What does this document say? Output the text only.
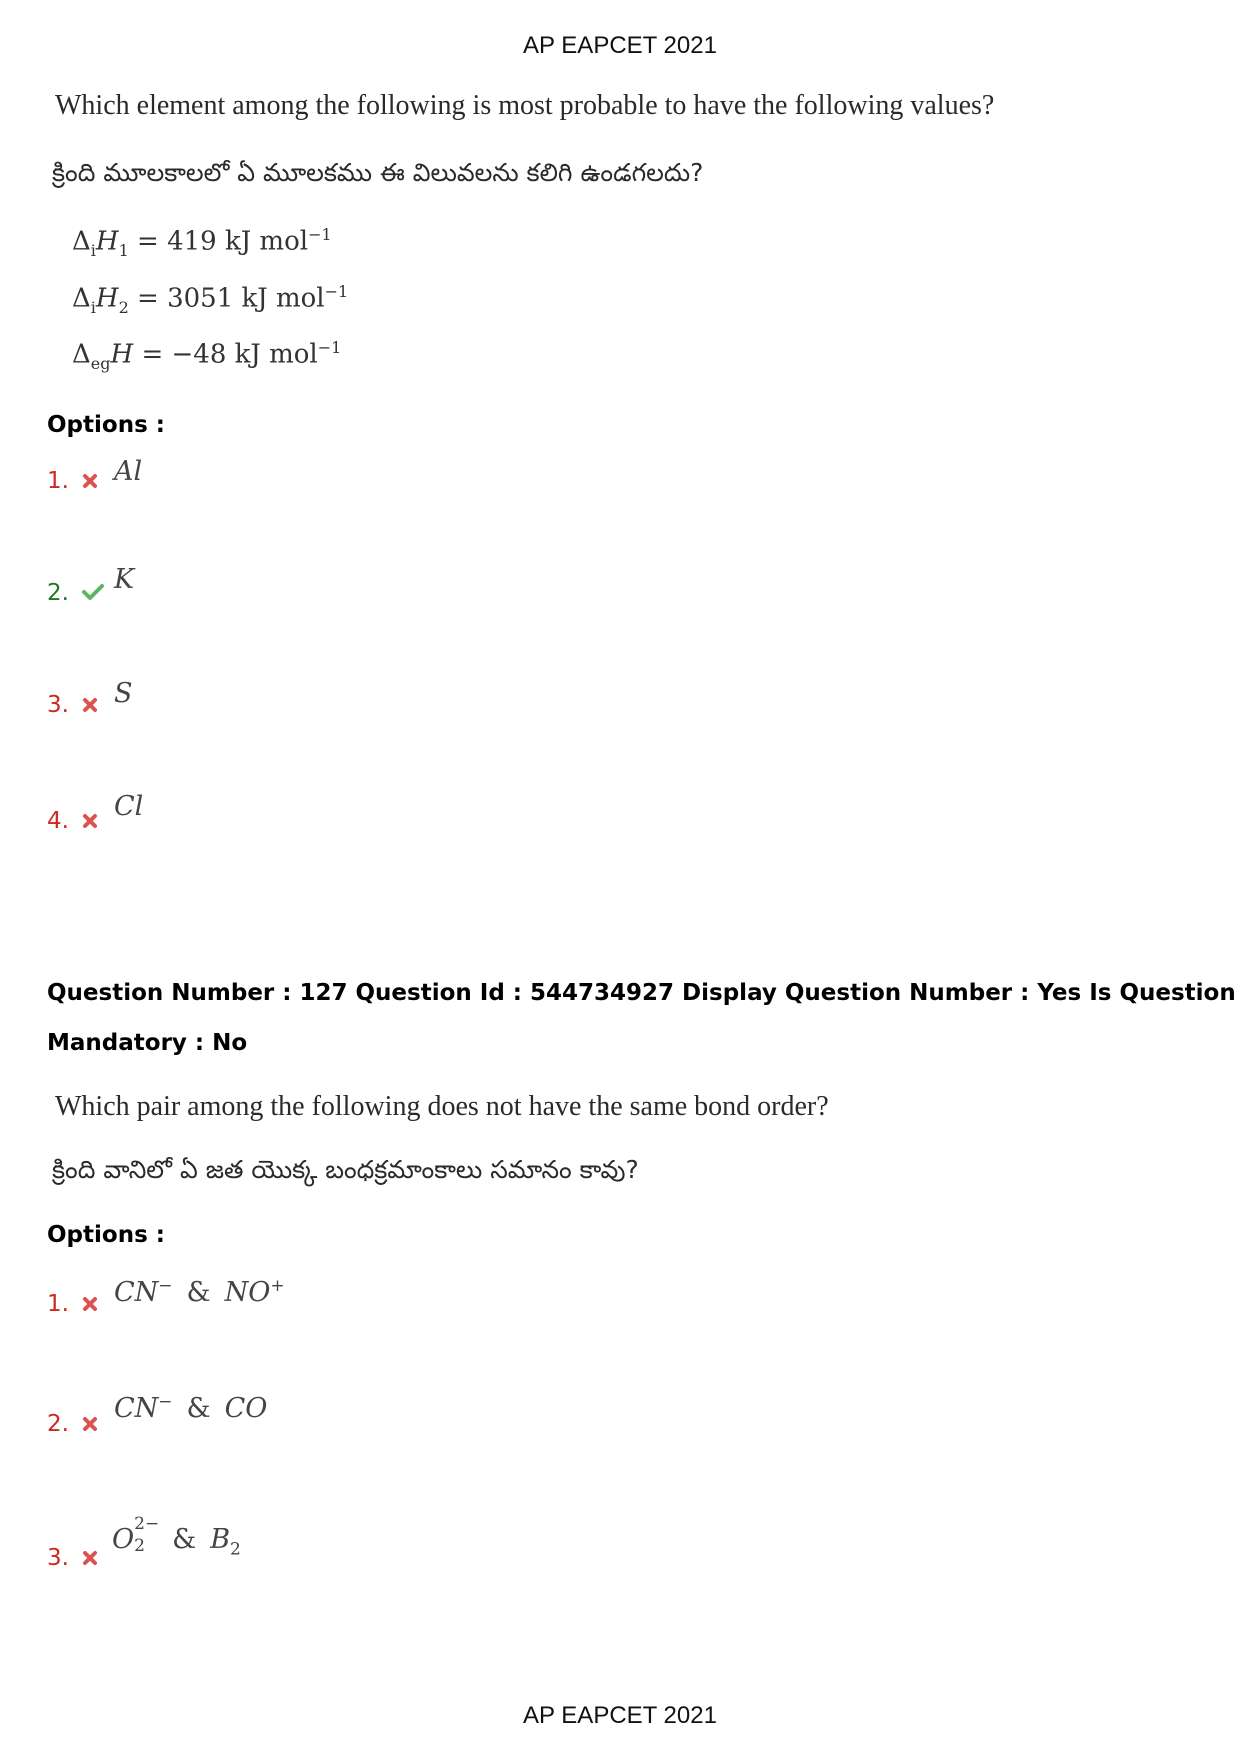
AP EAPCET 2021
Which element among the following is most probable to have the following values?
క్రింది మూలకాలలో ఏ మూలకము ఈ విలువలను కలిగి ఉండగలదు?
$\Delta_iH_1 = 419$ kJ mol$^{-1}$
$\Delta_iH_2 = 3051$ kJ mol$^{-1}$
$\Delta_{eg}H = -48$ kJ mol$^{-1}$
Options :
1.	Al
2.	K
3.	S
4.	Cl
Question Number : 127 Question Id : 544734927 Display Question Number : Yes Is Question
Mandatory : No
Which pair among the following does not have the same bond order?
క్రింది వానిలో ఏ జత యొక్క బంధక్రమాంకాలు సమానం కావు?
Options :
1.	CN− & NO+
2.	CN− & CO
3.
O 2−
2 & $B_2$
AP EAPCET 2021
